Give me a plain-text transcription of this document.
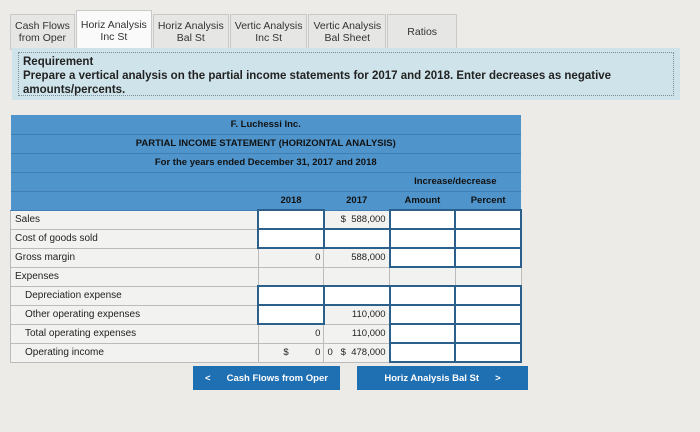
Cash Flows
from Oper
Horiz Analysis
Inc St
Horiz Analysis
Bal St
Vertic Analysis
Inc St
Vertic Analysis
Bal Sheet	Ratios
Requirement
Prepare a vertical analysis on the partial income statements for 2017 and 2018. Enter decreases as negative amounts/percents.
F. Luchessi Inc.				
PARTIAL INCOME STATEMENT (HORIZONTAL ANALYSIS)				
For the years ended December 31, 2017 and 2018				
			Increase/decrease	
	2018	2017	Amount	Percent
Sales		$  588,000		
Cost of goods sold				
Gross margin	0	588,000		
Expenses				
Depreciation expense				
Other operating expenses		110,000		
Total operating expenses	0	110,000		
Operating income	$          0	0   $  478,000		
< Cash Flows from Oper	Horiz Analysis Bal St >
